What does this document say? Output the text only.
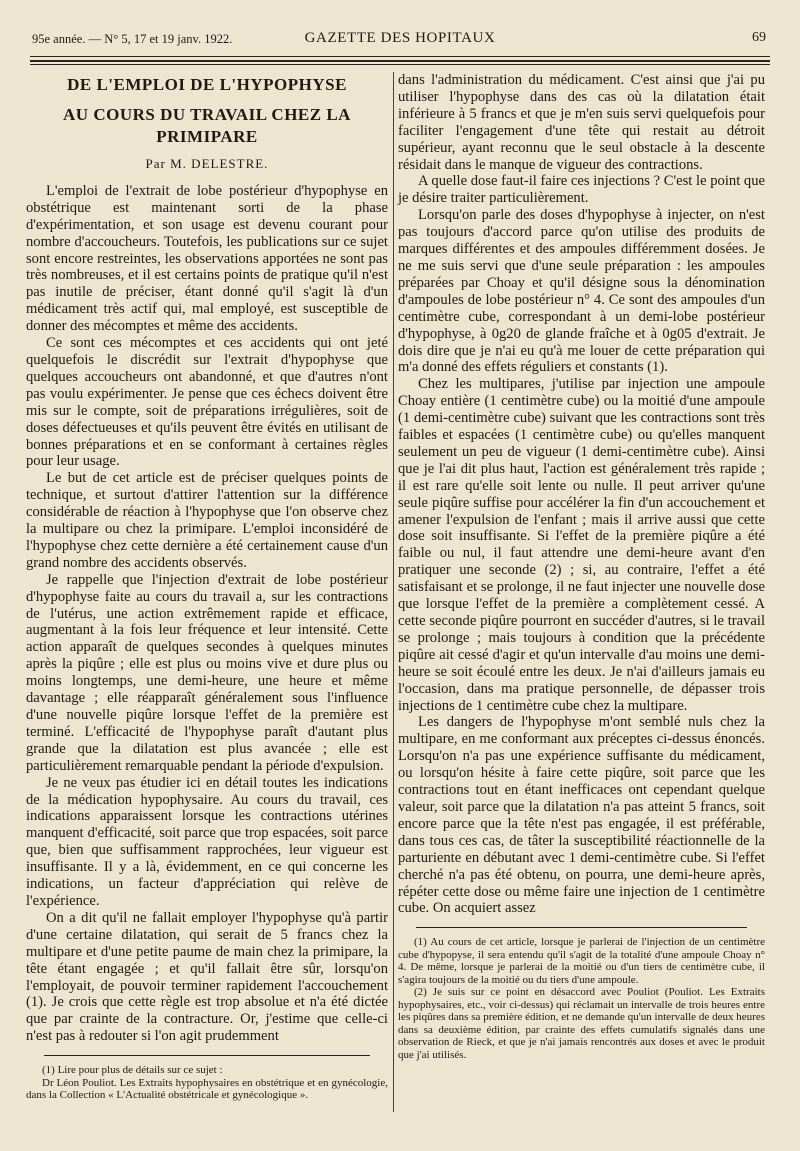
95e année. — N° 5, 17 et 19 janv. 1922.	GAZETTE DES HOPITAUX	69
DE L'EMPLOI DE L'HYPOPHYSE
AU COURS DU TRAVAIL CHEZ LA PRIMIPARE
Par M. DELESTRE.

L'emploi de l'extrait de lobe postérieur d'hypophyse en obstétrique est maintenant sorti de la phase d'expérimentation, et son usage est devenu courant pour nombre d'accoucheurs. Toutefois, les publications sur ce sujet sont encore restreintes, les observations apportées ne sont pas très nombreuses, et il est certains points de pratique qu'il n'est pas inutile de préciser, étant donné qu'il s'agit là d'un médicament très actif qui, mal employé, est susceptible de donner des mécomptes et même des accidents.

Ce sont ces mécomptes et ces accidents qui ont jeté quelquefois le discrédit sur l'extrait d'hypophyse que quelques accoucheurs ont abandonné, et que d'autres n'ont pas voulu expérimenter. Je pense que ces échecs doivent être mis sur le compte, soit de préparations irrégulières, soit de doses défectueuses et qu'ils peuvent être évités en utilisant de bonnes préparations et en se conformant à certaines règles pour leur usage.

Le but de cet article est de préciser quelques points de technique, et surtout d'attirer l'attention sur la différence considérable de réaction à l'hypophyse que l'on observe chez la multipare ou chez la primipare. L'emploi inconsidéré de l'hypophyse chez cette dernière a été certainement cause d'un grand nombre des accidents observés.

Je rappelle que l'injection d'extrait de lobe postérieur d'hypophyse faite au cours du travail a, sur les contractions de l'utérus, une action extrêmement rapide et efficace, augmentant à la fois leur fréquence et leur intensité. Cette action apparaît de quelques secondes à quelques minutes après la piqûre ; elle est plus ou moins vive et dure plus ou moins longtemps, une demi-heure, une heure et même davantage ; elle réapparaît généralement sous l'influence d'une nouvelle piqûre lorsque l'effet de la première est terminé. L'efficacité de l'hypophyse paraît d'autant plus grande que la dilatation est plus avancée ; elle est particulièrement remarquable pendant la période d'expulsion.

Je ne veux pas étudier ici en détail toutes les indications de la médication hypophysaire. Au cours du travail, ces indications apparaissent lorsque les contractions utérines manquent d'efficacité, soit parce que trop espacées, soit parce que, bien que suffisamment rapprochées, leur vigueur est insuffisante. Il y a là, évidemment, en ce qui concerne les indications, un facteur d'appréciation qui relève de l'expérience.

On a dit qu'il ne fallait employer l'hypophyse qu'à partir d'une certaine dilatation, qui serait de 5 francs chez la multipare et d'une petite paume de main chez la primipare, la tête étant engagée ; et qu'il fallait être sûr, lorsqu'on l'employait, de pouvoir terminer rapidement l'accouchement (1). Je crois que cette règle est trop absolue et n'a été dictée que par crainte de la contracture. Or, j'estime que celle-ci n'est pas à redouter si l'on agit prudemment

(1) Lire pour plus de détails sur ce sujet :

Dr Léon Pouliot. Les Extraits hypophysaires en obstétrique et en gynécologie, dans la Collection « L'Actualité obstétricale et gynécologique ».

dans l'administration du médicament. C'est ainsi que j'ai pu utiliser l'hypophyse dans des cas où la dilatation était inférieure à 5 francs et que je m'en suis servi quelquefois pour faciliter l'engagement d'une tête qui restait au détroit supérieur, ayant reconnu que le seul obstacle à la descente résidait dans le manque de vigueur des contractions.

A quelle dose faut-il faire ces injections ? C'est le point que je désire traiter particulièrement.

Lorsqu'on parle des doses d'hypophyse à injecter, on n'est pas toujours d'accord parce qu'on utilise des produits de marques différentes et des ampoules différemment dosées. Je ne me suis servi que d'une seule préparation : les ampoules préparées par Choay et qu'il désigne sous la dénomination d'ampoules de lobe postérieur n° 4. Ce sont des ampoules d'un centimètre cube, correspondant à un demi-lobe postérieur d'hypophyse, à 0g20 de glande fraîche et à 0g05 d'extrait. Je dois dire que je n'ai eu qu'à me louer de cette préparation qui m'a donné des effets réguliers et constants (1).

Chez les multipares, j'utilise par injection une ampoule Choay entière (1 centimètre cube) ou la moitié d'une ampoule (1 demi-centimètre cube) suivant que les contractions sont très faibles et espacées (1 centimètre cube) ou qu'elles manquent seulement un peu de vigueur (1 demi-centimètre cube). Ainsi que je l'ai dit plus haut, l'action est généralement très rapide ; il est rare qu'elle soit lente ou nulle. Il peut arriver qu'une seule piqûre suffise pour accélérer la fin d'un accouchement et amener l'expulsion de l'enfant ; mais il arrive aussi que cette dose soit insuffisante. Si l'effet de la première piqûre a été faible ou nul, il faut attendre une demi-heure avant d'en pratiquer une seconde (2) ; si, au contraire, l'effet a été satisfaisant et se prolonge, il ne faut injecter une nouvelle dose que lorsque l'effet de la première a complètement cessé. A cette seconde piqûre pourront en succéder d'autres, si le travail se prolonge ; mais toujours à condition que la précédente piqûre ait cessé d'agir et qu'un intervalle d'au moins une demi-heure se soit écoulé entre les deux. Je n'ai d'ailleurs jamais eu l'occasion, dans ma pratique personnelle, de dépasser trois injections de 1 centimètre cube chez la multipare.

Les dangers de l'hypophyse m'ont semblé nuls chez la multipare, en me conformant aux préceptes ci-dessus énoncés. Lorsqu'on n'a pas une expérience suffisante du médicament, ou lorsqu'on hésite à faire cette piqûre, soit parce que les contractions tout en étant inefficaces ont cependant quelque valeur, soit parce que la dilatation n'a pas atteint 5 francs, soit encore parce que la tête n'est pas engagée, il est préférable, dans tous ces cas, de tâter la susceptibilité réactionnelle de la parturiente en débutant avec 1 demi-centimètre cube. Si l'effet cherché n'a pas été obtenu, on pourra, une demi-heure après, répéter cette dose ou même faire une injection de 1 centimètre cube. On acquiert assez

(1) Au cours de cet article, lorsque je parlerai de l'injection de un centimètre cube d'hypopyse, il sera entendu qu'il s'agit de la totalité d'une ampoule Choay n° 4. De même, lorsque je parlerai de la moitié ou d'un tiers de centimètre cube, il s'agira toujours de la moitié ou du tiers d'une ampoule.

(2) Je suis sur ce point en désaccord avec Pouliot (Pouliot. Les Extraits hypophysaires, etc., voir ci-dessus) qui réclamait un intervalle de trois heures entre les piqûres dans sa première édition, et ne demande qu'un intervalle de deux heures dans sa deuxième édition, par crainte des effets cumulatifs signalés dans une observation de Rieck, et que je n'ai jamais rencontrés aux doses et avec le produit que j'ai utilisés.
